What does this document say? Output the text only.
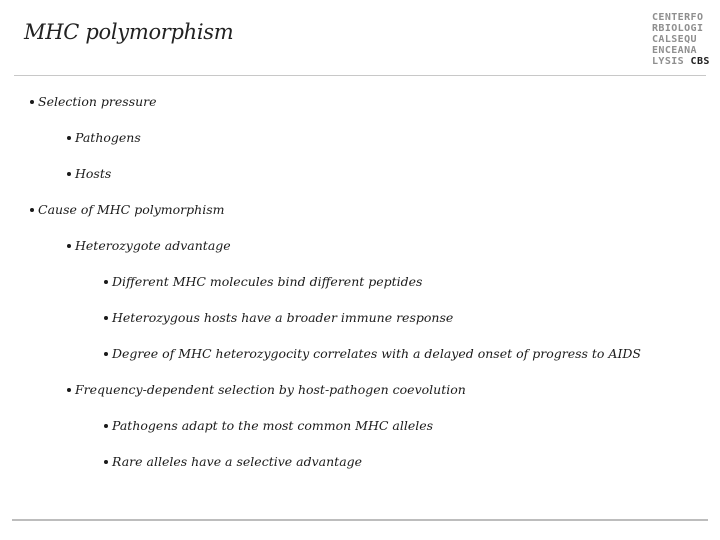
MHC polymorphism
CENTERFO
RBIOLOGI
CALSEQU
ENCEANA
LYSIS CBS
Selection pressure
Pathogens
Hosts
Cause of MHC polymorphism
Heterozygote advantage
Different MHC molecules bind different peptides
Heterozygous hosts have a broader immune response
Degree of MHC heterozygocity correlates with a delayed onset of progress to AIDS
Frequency-dependent selection by host-pathogen coevolution
Pathogens adapt to the most common MHC alleles
Rare alleles have a selective advantage
